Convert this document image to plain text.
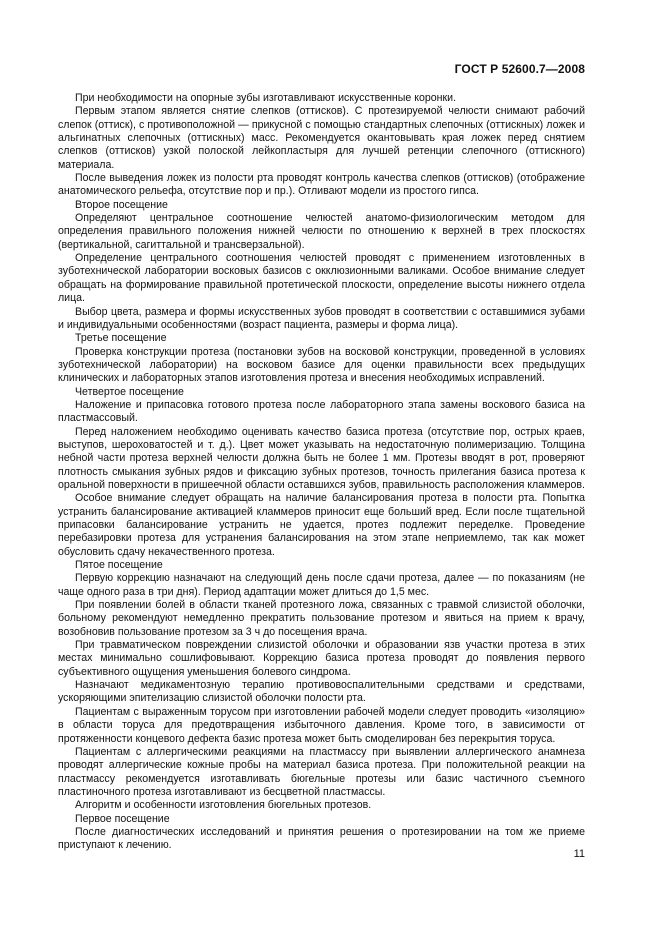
ГОСТ Р 52600.7—2008

При необходимости на опорные зубы изготавливают искусственные коронки.

Первым этапом является снятие слепков (оттисков). С протезируемой челюсти снимают рабочий слепок (оттиск), с противоположной — прикусной с помощью стандартных слепочных (оттискных) ложек и альгинатных слепочных (оттискных) масс. Рекомендуется окантовывать края ложек перед снятием слепков (оттисков) узкой полоской лейкопластыря для лучшей ретенции слепочного (оттискного) материала.

После выведения ложек из полости рта проводят контроль качества слепков (оттисков) (отображение анатомического рельефа, отсутствие пор и пр.). Отливают модели из простого гипса.

Второе посещение

Определяют центральное соотношение челюстей анатомо-физиологическим методом для определения правильного положения нижней челюсти по отношению к верхней в трех плоскостях (вертикальной, сагиттальной и трансверзальной).

Определение центрального соотношения челюстей проводят с применением изготовленных в зуботехнической лаборатории восковых базисов с окклюзионными валиками. Особое внимание следует обращать на формирование правильной протетической плоскости, определение высоты нижнего отдела лица.

Выбор цвета, размера и формы искусственных зубов проводят в соответствии с оставшимися зубами и индивидуальными особенностями (возраст пациента, размеры и форма лица).

Третье посещение

Проверка конструкции протеза (постановки зубов на восковой конструкции, проведенной в условиях зуботехнической лаборатории) на восковом базисе для оценки правильности всех предыдущих клинических и лабораторных этапов изготовления протеза и внесения необходимых исправлений.

Четвертое посещение

Наложение и припасовка готового протеза после лабораторного этапа замены воскового базиса на пластмассовый.

Перед наложением необходимо оценивать качество базиса протеза (отсутствие пор, острых краев, выступов, шероховатостей и т. д.). Цвет может указывать на недостаточную полимеризацию. Толщина небной части протеза верхней челюсти должна быть не более 1 мм. Протезы вводят в рот, проверяют плотность смыкания зубных рядов и фиксацию зубных протезов, точность прилегания базиса протеза к оральной поверхности в пришеечной области оставшихся зубов, правильность расположения кламмеров.

Особое внимание следует обращать на наличие балансирования протеза в полости рта. Попытка устранить балансирование активацией кламмеров приносит еще больший вред. Если после тщательной припасовки балансирование устранить не удается, протез подлежит переделке. Проведение перебазировки протеза для устранения балансирования на этом этапе неприемлемо, так как может обусловить сдачу некачественного протеза.

Пятое посещение

Первую коррекцию назначают на следующий день после сдачи протеза, далее — по показаниям (не чаще одного раза в три дня). Период адаптации может длиться до 1,5 мес.

При появлении болей в области тканей протезного ложа, связанных с травмой слизистой оболочки, больному рекомендуют немедленно прекратить пользование протезом и явиться на прием к врачу, возобновив пользование протезом за 3 ч до посещения врача.

При травматическом повреждении слизистой оболочки и образовании язв участки протеза в этих местах минимально сошлифовывают. Коррекцию базиса протеза проводят до появления первого субъективного ощущения уменьшения болевого синдрома.

Назначают медикаментозную терапию противовоспалительными средствами и средствами, ускоряющими эпителизацию слизистой оболочки полости рта.

Пациентам с выраженным торусом при изготовлении рабочей модели следует проводить «изоляцию» в области торуса для предотвращения избыточного давления. Кроме того, в зависимости от протяженности концевого дефекта базис протеза может быть смоделирован без перекрытия торуса.

Пациентам с аллергическими реакциями на пластмассу при выявлении аллергического анамнеза проводят аллергические кожные пробы на материал базиса протеза. При положительной реакции на пластмассу рекомендуется изготавливать бюгельные протезы или базис частичного съемного пластиночного протеза изготавливают из бесцветной пластмассы.

Алгоритм и особенности изготовления бюгельных протезов.

Первое посещение

После диагностических исследований и принятия решения о протезировании на том же приеме приступают к лечению.

11
